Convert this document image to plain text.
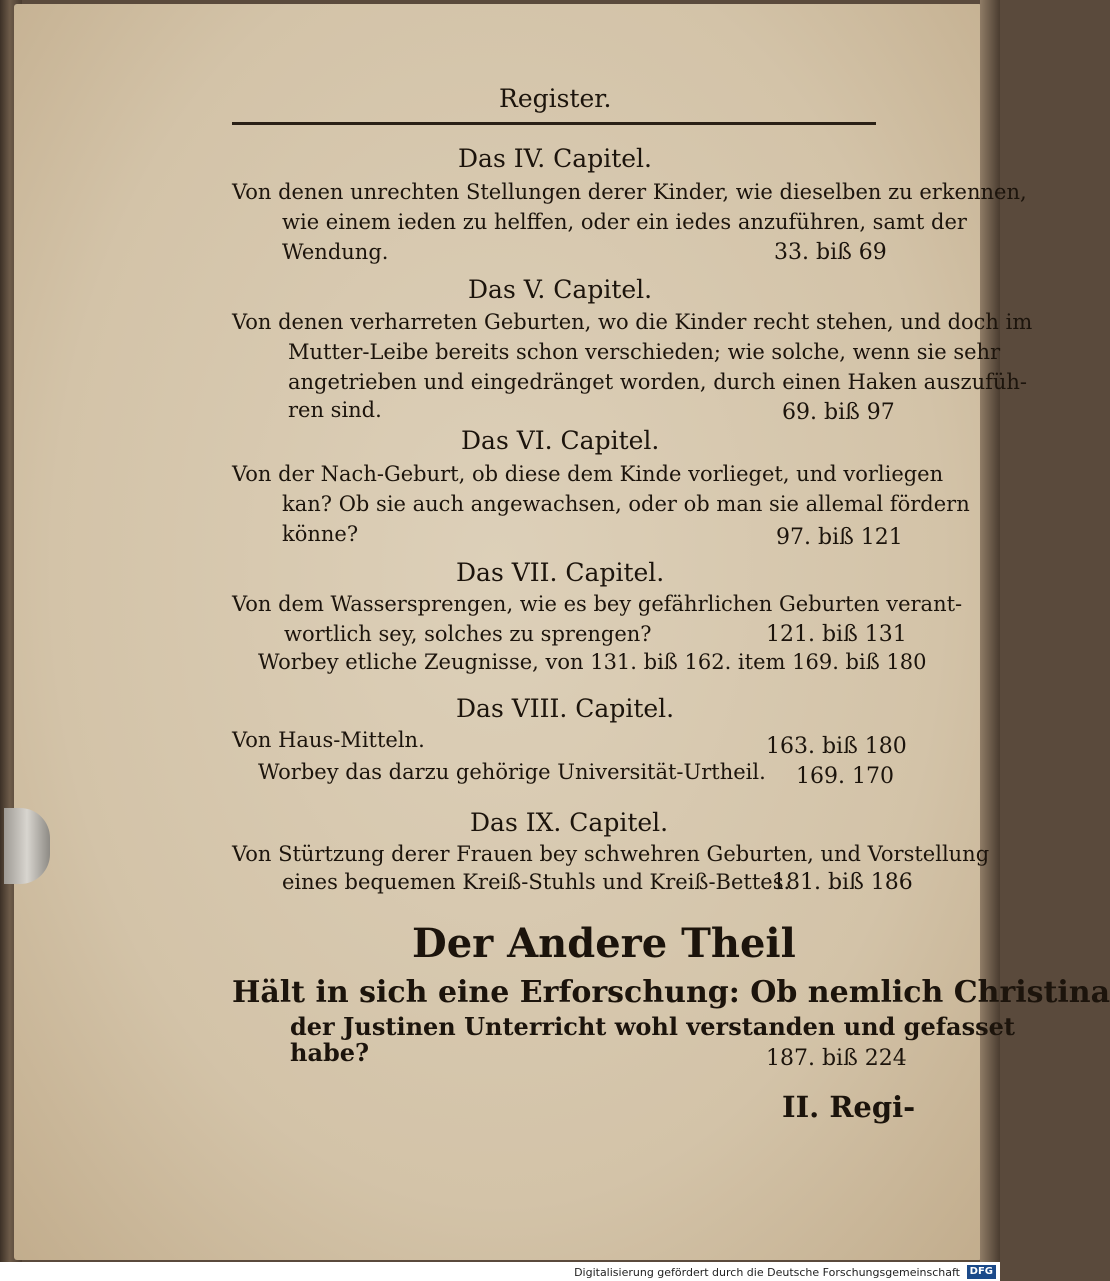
Register.
Das IV. Capitel.
Von denen unrechten Stellungen derer Kinder, wie dieselben zu erkennen,
wie einem ieden zu helffen, oder ein iedes anzuführen, samt der
Wendung.	33. biß 69
Das V. Capitel.
Von denen verharreten Geburten, wo die Kinder recht stehen, und doch im
Mutter-Leibe bereits schon verschieden; wie solche, wenn sie sehr
angetrieben und eingedränget worden, durch einen Haken auszufüh-
ren sind.	69. biß 97
Das VI. Capitel.
Von der Nach-Geburt, ob diese dem Kinde vorlieget, und vorliegen
kan? Ob sie auch angewachsen, oder ob man sie allemal fördern
könne?	97. biß 121
Das VII. Capitel.
Von dem Wassersprengen, wie es bey gefährlichen Geburten verant-
wortlich sey, solches zu sprengen?	121. biß 131
Worbey etliche Zeugnisse, von 131. biß 162. item 169. biß 180
Das VIII. Capitel.
Von Haus-Mitteln.	163. biß 180
Worbey das darzu gehörige Universität-Urtheil. 169. 170
Das IX. Capitel.
Von Stürtzung derer Frauen bey schwehren Geburten, und Vorstellung
eines bequemen Kreiß-Stuhls und Kreiß-Bettes.
181. biß 186
Der Andere Theil
Hält in sich eine Erforschung: Ob nemlich Christina
der Justinen Unterricht wohl verstanden und gefasset
habe?	187. biß 224
II. Regi-
Digitalisierung gefördert durch die Deutsche Forschungsgemeinschaft DFG
